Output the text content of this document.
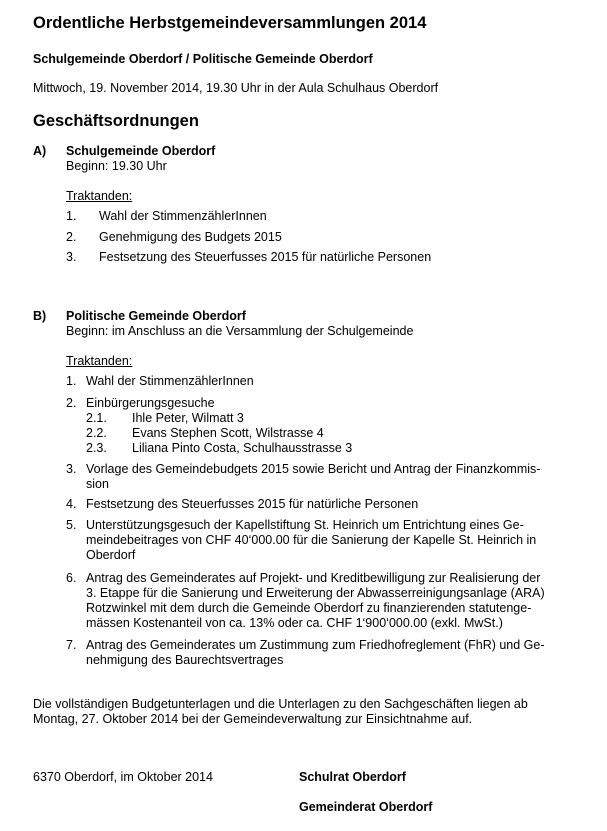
Ordentliche Herbstgemeindeversammlungen 2014
Schulgemeinde Oberdorf / Politische Gemeinde Oberdorf
Mittwoch, 19. November 2014, 19.30 Uhr in der Aula Schulhaus Oberdorf
Geschäftsordnungen
A) Schulgemeinde Oberdorf
Beginn: 19.30 Uhr
Traktanden:
1. Wahl der StimmenzählerInnen
2. Genehmigung des Budgets 2015
3. Festsetzung des Steuerfusses 2015 für natürliche Personen
B) Politische Gemeinde Oberdorf
Beginn: im Anschluss an die Versammlung der Schulgemeinde
Traktanden:
1. Wahl der StimmenzählerInnen
2. Einbürgerungsgesuche
2.1. Ihle Peter, Wilmatt 3
2.2. Evans Stephen Scott, Wilstrasse 4
2.3. Liliana Pinto Costa, Schulhausstrasse 3
3. Vorlage des Gemeindebudgets 2015 sowie Bericht und Antrag der Finanzkommis-
sion
4. Festsetzung des Steuerfusses 2015 für natürliche Personen
5. Unterstützungsgesuch der Kapellstiftung St. Heinrich um Entrichtung eines Ge-
meindebeitrages von CHF 40‘000.00 für die Sanierung der Kapelle St. Heinrich in
Oberdorf
6. Antrag des Gemeinderates auf Projekt- und Kreditbewilligung zur Realisierung der
3. Etappe für die Sanierung und Erweiterung der Abwasserreinigungsanlage (ARA)
Rotzwinkel mit dem durch die Gemeinde Oberdorf zu finanzierenden statutenge-
mässen Kostenanteil von ca. 13% oder ca. CHF 1‘900‘000.00 (exkl. MwSt.)
7. Antrag des Gemeinderates um Zustimmung zum Friedhofreglement (FhR) und Ge-
nehmigung des Baurechtsvertrages
Die vollständigen Budgetunterlagen und die Unterlagen zu den Sachgeschäften liegen ab
Montag, 27. Oktober 2014 bei der Gemeindeverwaltung zur Einsichtnahme auf.
6370 Oberdorf, im Oktober 2014	Schulrat Oberdorf
Gemeinderat Oberdorf
